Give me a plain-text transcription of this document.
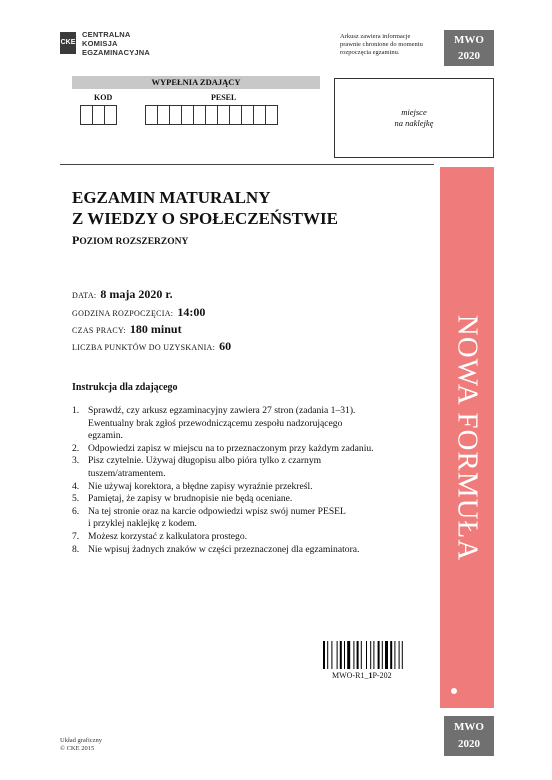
CKE
CENTRALNA
KOMISJA
EGZAMINACYJNA
Arkusz zawiera informacje
prawnie chronione do momentu
rozpoczęcia egzaminu.
MWO
2020
WYPEŁNIA ZDAJĄCY
KOD	PESEL
miejsce
na naklejkę
EGZAMIN MATURALNY
Z WIEDZY O SPOŁECZEŃSTWIE
POZIOM ROZSZERZONY
DATA: 8 maja 2020 r.
GODZINA ROZPOCZĘCIA: 14:00
CZAS PRACY: 180 minut
LICZBA PUNKTÓW DO UZYSKANIA: 60
Instrukcja dla zdającego
1. Sprawdź, czy arkusz egzaminacyjny zawiera 27 stron (zadania 1–31).
Ewentualny brak zgłoś przewodniczącemu zespołu nadzorującego
egzamin.
2. Odpowiedzi zapisz w miejscu na to przeznaczonym przy każdym zadaniu.
3. Pisz czytelnie. Używaj długopisu albo pióra tylko z czarnym
tuszem/atramentem.
4. Nie używaj korektora, a błędne zapisy wyraźnie przekreśl.
5. Pamiętaj, że zapisy w brudnopisie nie będą oceniane.
6. Na tej stronie oraz na karcie odpowiedzi wpisz swój numer PESEL
i przyklej naklejkę z kodem.
7. Możesz korzystać z kalkulatora prostego.
8. Nie wpisuj żadnych znaków w części przeznaczonej dla egzaminatora.	NOWA FORMUŁA
MWO-R1_1P-202
Układ graficzny
© CKE 2015
MWO
2020
